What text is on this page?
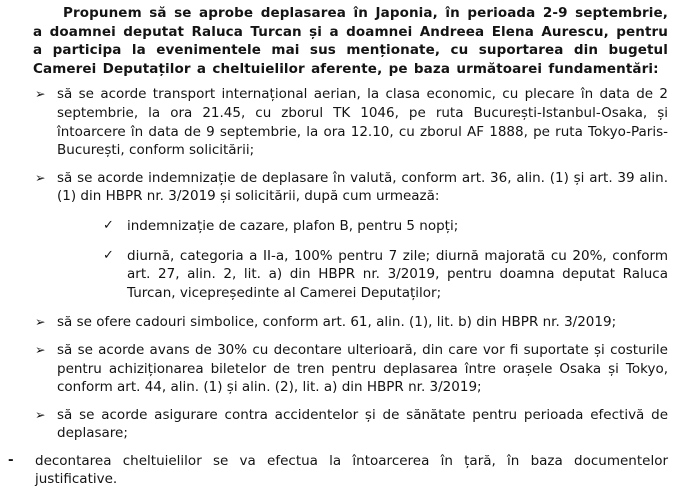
Propunem să se aprobe deplasarea în Japonia, în perioada 2-9 septembrie, a doamnei deputat Raluca Turcan și a doamnei Andreea Elena Aurescu, pentru a participa la evenimentele mai sus menționate, cu suportarea din bugetul Camerei Deputaților a cheltuielilor aferente, pe baza următoarei fundamentări:

➢ să se acorde transport internațional aerian, la clasa economic, cu plecare în data de 2 septembrie, la ora 21.45, cu zborul TK 1046, pe ruta București-Istanbul-Osaka, și întoarcere în data de 9 septembrie, la ora 12.10, cu zborul AF 1888, pe ruta Tokyo-Paris-București, conform solicitării;
➢ să se acorde indemnizație de deplasare în valută, conform art. 36, alin. (1) și art. 39 alin. (1) din HBPR nr. 3/2019 și solicitării, după cum urmează:
✓ indemnizație de cazare, plafon B, pentru 5 nopți;
✓ diurnă, categoria a II-a, 100% pentru 7 zile; diurnă majorată cu 20%, conform art. 27, alin. 2, lit. a) din HBPR nr. 3/2019, pentru doamna deputat Raluca Turcan, vicepreședinte al Camerei Deputaților;
➢ să se ofere cadouri simbolice, conform art. 61, alin. (1), lit. b) din HBPR nr. 3/2019;
➢ să se acorde avans de 30% cu decontare ulterioară, din care vor fi suportate și costurile pentru achiziționarea biletelor de tren pentru deplasarea între orașele Osaka și Tokyo, conform art. 44, alin. (1) și alin. (2), lit. a) din HBPR nr. 3/2019;
➢ să se acorde asigurare contra accidentelor și de sănătate pentru perioada efectivă de deplasare;
- decontarea cheltuielilor se va efectua la întoarcerea în țară, în baza documentelor justificative.
